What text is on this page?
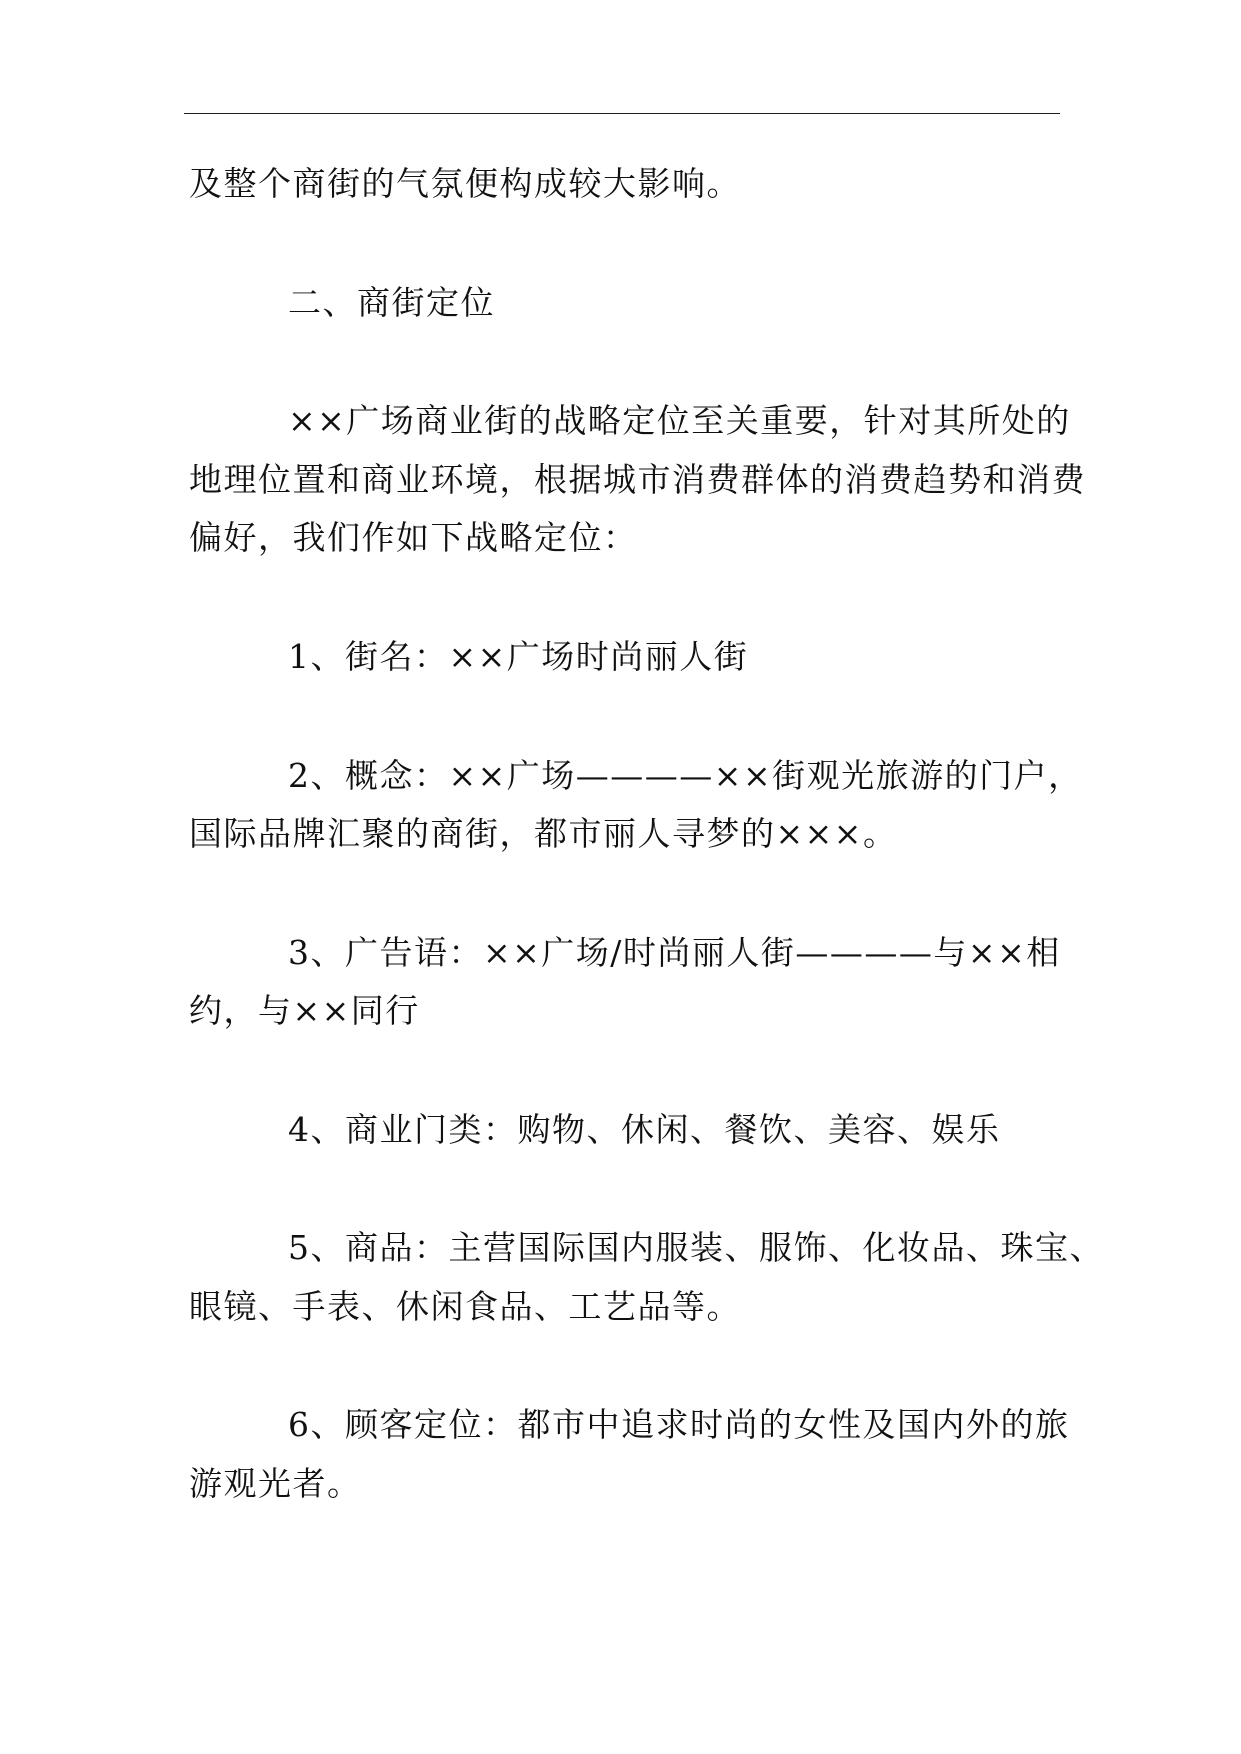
及整个商街的气氛便构成较大影响。
二、商街定位
××广场商业街的战略定位至关重要，针对其所处的
地理位置和商业环境，根据城市消费群体的消费趋势和消费
偏好，我们作如下战略定位：
1、街名：××广场时尚丽人街
2、概念：××广场————××街观光旅游的门户，
国际品牌汇聚的商街，都市丽人寻梦的×××。
3、广告语：××广场/时尚丽人街————与××相
约，与××同行
4、商业门类：购物、休闲、餐饮、美容、娱乐
5、商品：主营国际国内服装、服饰、化妆品、珠宝、
眼镜、手表、休闲食品、工艺品等。
6、顾客定位：都市中追求时尚的女性及国内外的旅
游观光者。
